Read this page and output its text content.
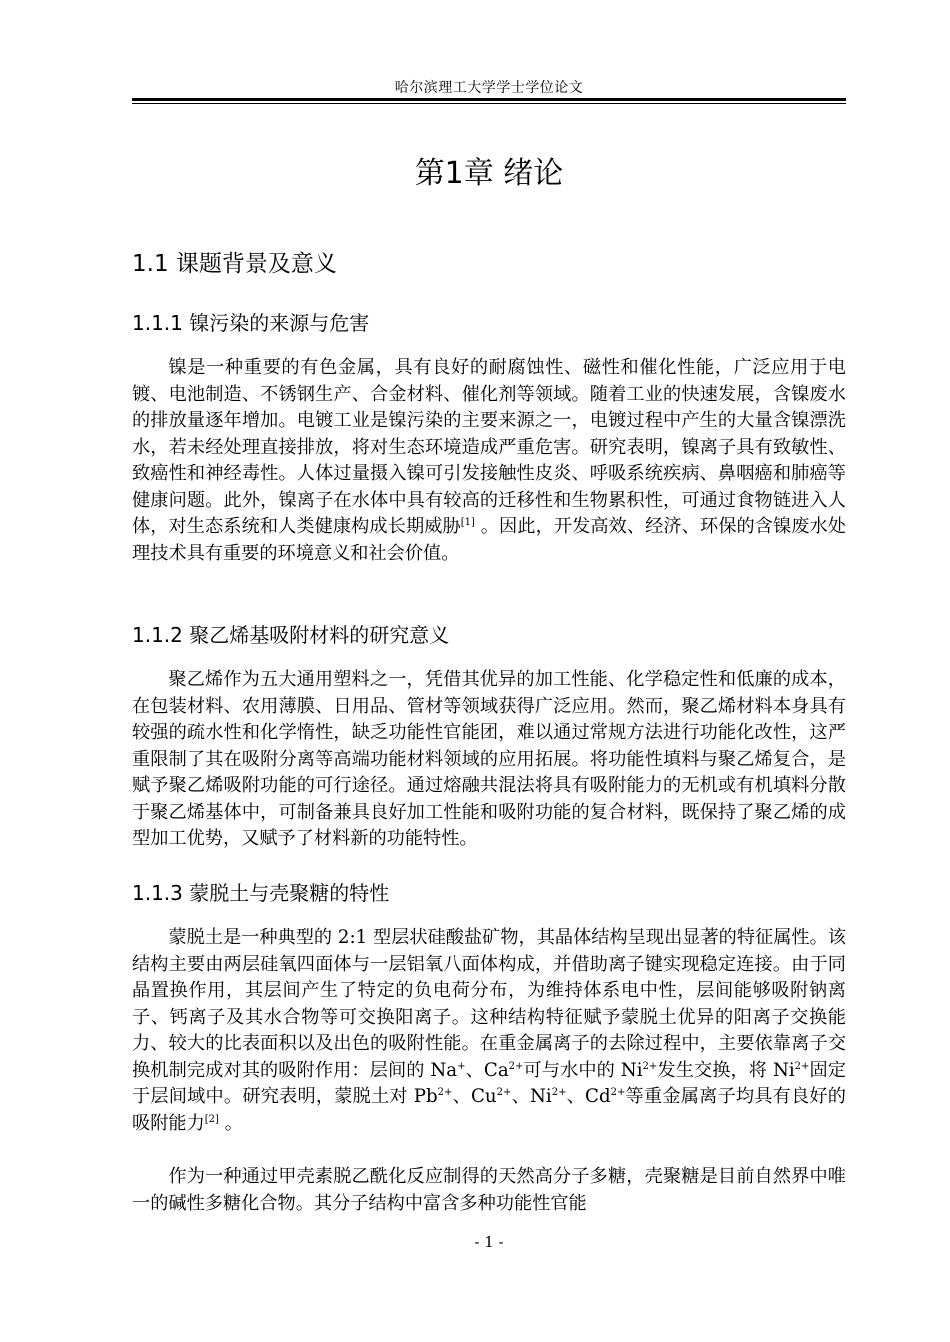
哈尔滨理工大学学士学位论文
第1章 绪论
1.1 课题背景及意义
1.1.1 镍污染的来源与危害

镍是一种重要的有色金属，具有良好的耐腐蚀性、磁性和催化性能，广泛应用于电镀、电池制造、不锈钢生产、合金材料、催化剂等领域。随着工业的快速发展，含镍废水的排放量逐年增加。电镀工业是镍污染的主要来源之一，电镀过程中产生的大量含镍漂洗水，若未经处理直接排放，将对生态环境造成严重危害。研究表明，镍离子具有致敏性、致癌性和神经毒性。人体过量摄入镍可引发接触性皮炎、呼吸系统疾病、鼻咽癌和肺癌等健康问题。此外，镍离子在水体中具有较高的迁移性和生物累积性，可通过食物链进入人体，对生态系统和人类健康构成长期威胁[1] 。因此，开发高效、经济、环保的含镍废水处理技术具有重要的环境意义和社会价值。

1.1.2 聚乙烯基吸附材料的研究意义

聚乙烯作为五大通用塑料之一，凭借其优异的加工性能、化学稳定性和低廉的成本，在包装材料、农用薄膜、日用品、管材等领域获得广泛应用。然而，聚乙烯材料本身具有较强的疏水性和化学惰性，缺乏功能性官能团，难以通过常规方法进行功能化改性，这严重限制了其在吸附分离等高端功能材料领域的应用拓展。将功能性填料与聚乙烯复合，是赋予聚乙烯吸附功能的可行途径。通过熔融共混法将具有吸附能力的无机或有机填料分散于聚乙烯基体中，可制备兼具良好加工性能和吸附功能的复合材料，既保持了聚乙烯的成型加工优势，又赋予了材料新的功能特性。

1.1.3 蒙脱土与壳聚糖的特性

蒙脱土是一种典型的 2:1 型层状硅酸盐矿物，其晶体结构呈现出显著的特征属性。该结构主要由两层硅氧四面体与一层铝氧八面体构成，并借助离子键实现稳定连接。由于同晶置换作用，其层间产生了特定的负电荷分布，为维持体系电中性，层间能够吸附钠离子、钙离子及其水合物等可交换阳离子。这种结构特征赋予蒙脱土优异的阳离子交换能力、较大的比表面积以及出色的吸附性能。在重金属离子的去除过程中，主要依靠离子交换机制完成对其的吸附作用：层间的 Na+、$Ca^{2+}$可与水中的 $Ni^{2+}$发生交换，将 $Ni^{2+}$固定于层间域中。研究表明，蒙脱土对 $Pb^{2+}$、$Cu^{2+}$、$Ni^{2+}$、$Cd^{2+}$等重金属离子均具有良好的吸附能力[2] 。

作为一种通过甲壳素脱乙酰化反应制得的天然高分子多糖，壳聚糖是目前自然界中唯一的碱性多糖化合物。其分子结构中富含多种功能性官能

- 1 -
